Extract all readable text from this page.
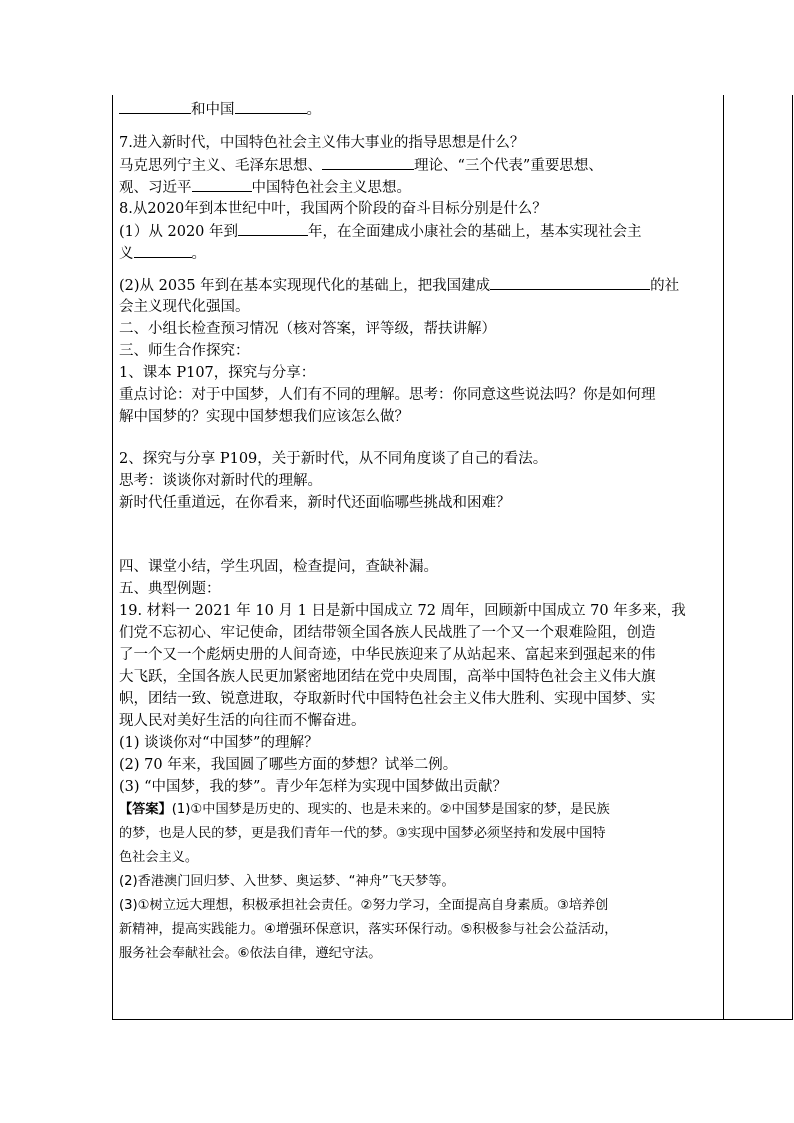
和中国	。
7.进入新时代，中国特色社会主义伟大事业的指导思想是什么？
马克思列宁主义、毛泽东思想、	理论、“三个代表”重要思想、
观、习近平	中国特色社会主义思想。
8.从2020年到本世纪中叶，我国两个阶段的奋斗目标分别是什么？
(1）从 2020 年到	年，在全面建成小康社会的基础上，基本实现社会主
义	。
(2)从 2035 年到在基本实现现代化的基础上，把我国建成	的社
会主义现代化强国。
二、小组长检查预习情况（核对答案，评等级，帮扶讲解）
三、师生合作探究：
1、课本 P107，探究与分享：
重点讨论：对于中国梦，人们有不同的理解。思考：你同意这些说法吗？你是如何理
解中国梦的？实现中国梦想我们应该怎么做？
2、探究与分享 P109，关于新时代，从不同角度谈了自己的看法。
思考：谈谈你对新时代的理解。
新时代任重道远，在你看来，新时代还面临哪些挑战和困难？
四、课堂小结，学生巩固，检查提问，查缺补漏。
五、典型例题：
19. 材料一 2021 年 10 月 1 日是新中国成立 72 周年，回顾新中国成立 70 年多来，我
们党不忘初心、牢记使命，团结带领全国各族人民战胜了一个又一个艰难险阻，创造
了一个又一个彪炳史册的人间奇迹，中华民族迎来了从站起来、富起来到强起来的伟
大飞跃，全国各族人民更加紧密地团结在党中央周围，高举中国特色社会主义伟大旗
帜，团结一致、锐意进取，夺取新时代中国特色社会主义伟大胜利、实现中国梦、实
现人民对美好生活的向往而不懈奋进。
(1) 谈谈你对“中国梦”的理解？
(2) 70 年来，我国圆了哪些方面的梦想？试举二例。
(3) “中国梦，我的梦”。青少年怎样为实现中国梦做出贡献？
【答案】(1)①中国梦是历史的、现实的、也是未来的。②中国梦是国家的梦，是民族
的梦，也是人民的梦，更是我们青年一代的梦。③实现中国梦必须坚持和发展中国特
色社会主义。
(2)香港澳门回归梦、入世梦、奥运梦、“神舟”飞天梦等。
(3)①树立远大理想，积极承担社会责任。②努力学习，全面提高自身素质。③培养创
新精神，提高实践能力。④增强环保意识，落实环保行动。⑤积极参与社会公益活动，
服务社会奉献社会。⑥依法自律，遵纪守法。
